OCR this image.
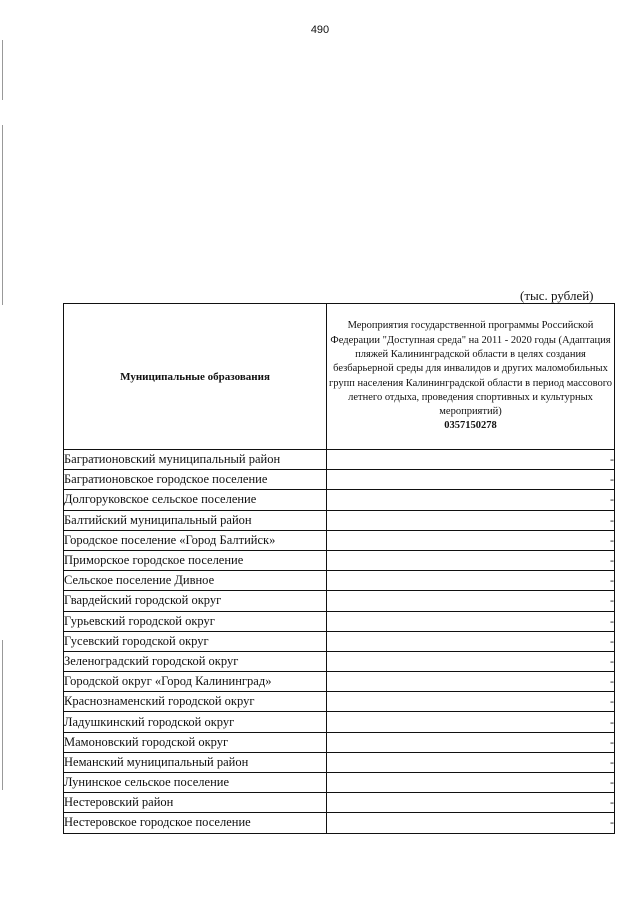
490
(тыс. рублей)
Муниципальные образования	Мероприятия государственной программы Российской Федерации "Доступная среда" на 2011 - 2020 годы (Адаптация пляжей Калининградской области в целях создания безбарьерной среды для инвалидов и других маломобильных групп населения Калининградской области в период массового летнего отдыха, проведения спортивных и культурных мероприятий)
0357150278

Багратионовский муниципальный район	-
Багратионовское городское поселение	-
Долгоруковское сельское поселение	-
Балтийский муниципальный район	-
Городское поселение «Город Балтийск»	-
Приморское городское поселение	-
Сельское поселение Дивное	-
Гвардейский городской округ	-
Гурьевский городской округ	-
Гусевский городской округ	-
Зеленоградский городской округ	-
Городской округ «Город Калининград»	-
Краснознаменский городской округ	-
Ладушкинский городской округ	-
Мамоновский городской округ	-
Неманский муниципальный район	-
Лунинское сельское поселение	-
Нестеровский район	-
Нестеровское городское поселение	-
